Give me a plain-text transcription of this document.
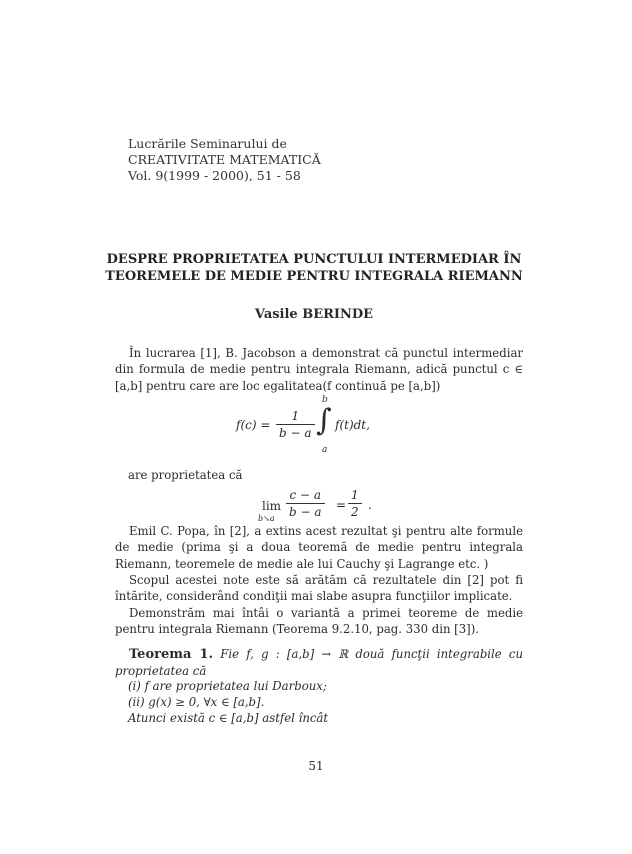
Lucrările Seminarului de
CREATIVITATE MATEMATICĂ
Vol. 9(1999 - 2000), 51 - 58
DESPRE PROPRIETATEA PUNCTULUI INTERMEDIAR ÎN
TEOREMELE DE MEDIE PENTRU INTEGRALA RIEMANN
Vasile BERINDE
În lucrarea [1], B. Jacobson a demonstrat că punctul intermediar din formula de medie pentru integrala Riemann, adică punctul c ∈ [a,b] pentru care are loc egalitatea(f continuă pe [a,b])
$f(c) = \frac{1}{b - a}$
b
∫
a
f(t)dt,
are proprietatea că
lim
b↘a $\frac{c - a}{b - a} = \frac{1}{2}$ .
Emil C. Popa, în [2], a extins acest rezultat şi pentru alte formule de medie (prima şi a doua teoremă de medie pentru integrala Riemann, teoremele de medie ale lui Cauchy şi Lagrange etc. )
Scopul acestei note este să arătăm că rezultatele din [2] pot fi întărite, considerând condiţii mai slabe asupra funcţiilor implicate.
Demonstrăm mai întâi o variantă a primei teoreme de medie pentru integrala Riemann (Teorema 9.2.10, pag. 330 din [3]).
Teorema 1. Fie f, g : [a,b] → ℝ două funcţii integrabile cu proprietatea că
(i) f are proprietatea lui Darboux;
(ii) g(x) ≥ 0, ∀x ∈ [a,b].
Atunci există c ∈ [a,b] astfel încât
51
